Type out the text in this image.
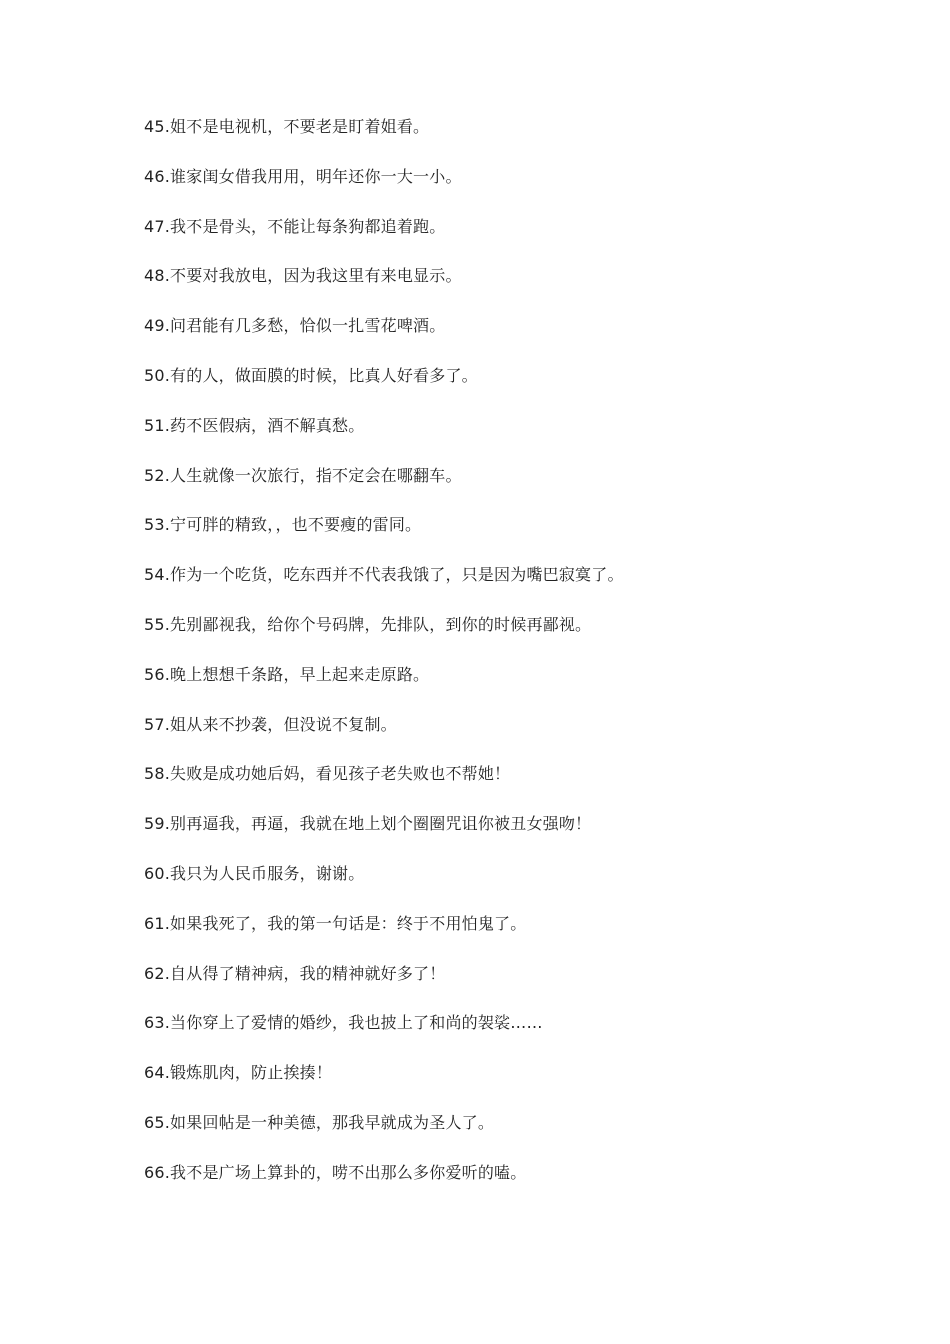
45.姐不是电视机，不要老是盯着姐看。
46.谁家闺女借我用用，明年还你一大一小。
47.我不是骨头，不能让每条狗都追着跑。
48.不要对我放电，因为我这里有来电显示。
49.问君能有几多愁，恰似一扎雪花啤酒。
50.有的人，做面膜的时候，比真人好看多了。
51.药不医假病，酒不解真愁。
52.人生就像一次旅行，指不定会在哪翻车。
53.宁可胖的精致，，也不要瘦的雷同。
54.作为一个吃货，吃东西并不代表我饿了，只是因为嘴巴寂寞了。
55.先别鄙视我，给你个号码牌，先排队，到你的时候再鄙视。
56.晚上想想千条路，早上起来走原路。
57.姐从来不抄袭，但没说不复制。
58.失败是成功她后妈，看见孩子老失败也不帮她！
59.别再逼我，再逼，我就在地上划个圈圈咒诅你被丑女强吻！
60.我只为人民币服务，谢谢。
61.如果我死了，我的第一句话是：终于不用怕鬼了。
62.自从得了精神病，我的精神就好多了！
63.当你穿上了爱情的婚纱，我也披上了和尚的袈裟……
64.锻炼肌肉，防止挨揍！
65.如果回帖是一种美德，那我早就成为圣人了。
66.我不是广场上算卦的，唠不出那么多你爱听的嗑。
